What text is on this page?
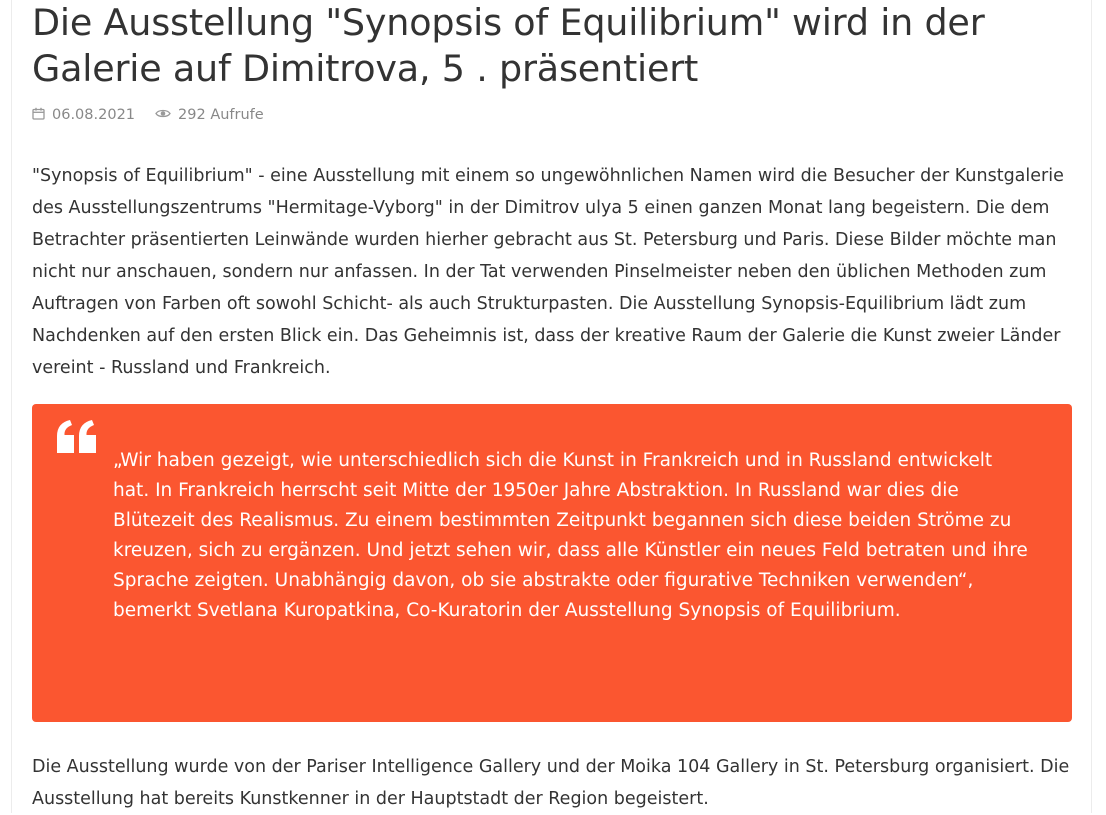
Die Ausstellung "Synopsis of Equilibrium" wird in der Galerie auf Dimitrova, 5 . präsentiert
06.08.2021	292 Aufrufe

"Synopsis of Equilibrium" - eine Ausstellung mit einem so ungewöhnlichen Namen wird die Besucher der Kunstgalerie des Ausstellungszentrums "Hermitage-Vyborg" in der Dimitrov ulya 5 einen ganzen Monat lang begeistern. Die dem Betrachter präsentierten Leinwände wurden hierher gebracht aus St. Petersburg und Paris. Diese Bilder möchte man nicht nur anschauen, sondern nur anfassen. In der Tat verwenden Pinselmeister neben den üblichen Methoden zum Auftragen von Farben oft sowohl Schicht- als auch Strukturpasten. Die Ausstellung Synopsis-Equilibrium lädt zum Nachdenken auf den ersten Blick ein. Das Geheimnis ist, dass der kreative Raum der Galerie die Kunst zweier Länder vereint - Russland und Frankreich.

„Wir haben gezeigt, wie unterschiedlich sich die Kunst in Frankreich und in Russland entwickelt hat. In Frankreich herrscht seit Mitte der 1950er Jahre Abstraktion. In Russland war dies die Blütezeit des Realismus. Zu einem bestimmten Zeitpunkt begannen sich diese beiden Ströme zu kreuzen, sich zu ergänzen. Und jetzt sehen wir, dass alle Künstler ein neues Feld betraten und ihre Sprache zeigten. Unabhängig davon, ob sie abstrakte oder figurative Techniken verwenden“, bemerkt Svetlana Kuropatkina, Co-Kuratorin der Ausstellung Synopsis of Equilibrium.

Die Ausstellung wurde von der Pariser Intelligence Gallery und der Moika 104 Gallery in St. Petersburg organisiert. Die Ausstellung hat bereits Kunstkenner in der Hauptstadt der Region begeistert.
